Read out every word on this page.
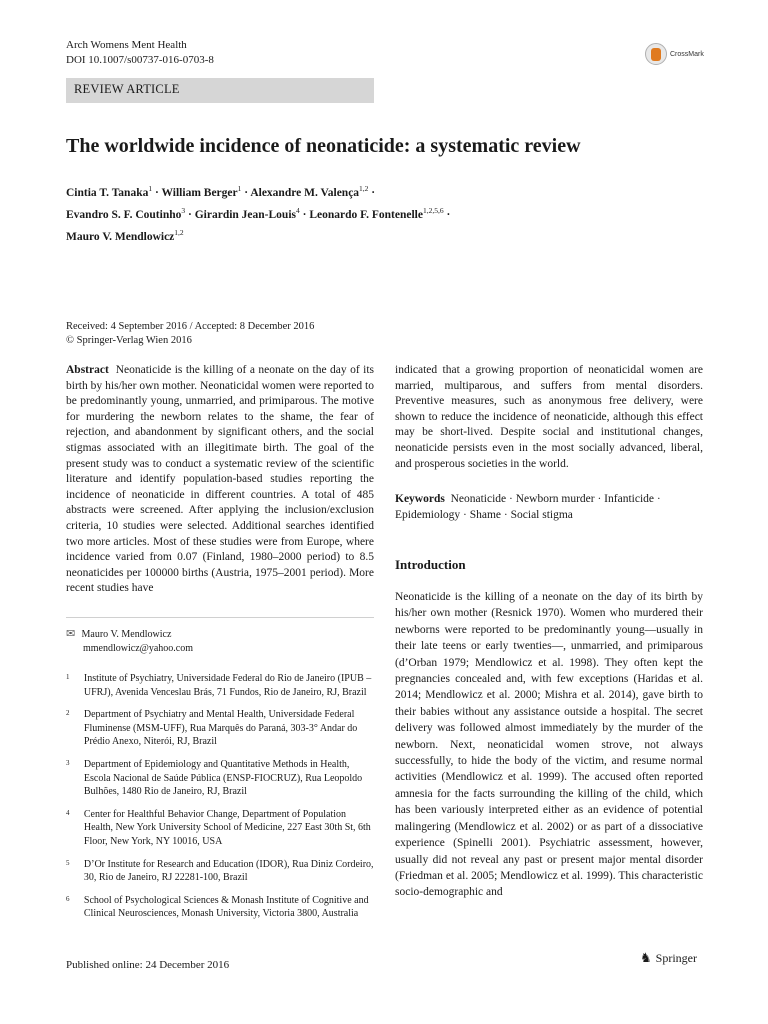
Arch Womens Ment Health
DOI 10.1007/s00737-016-0703-8	CrossMark
REVIEW ARTICLE
The worldwide incidence of neonaticide: a systematic review
Cintia T. Tanaka$^1$ · William Berger$^1$ · Alexandre M. Valença$^{1,2}$ ·
Evandro S. F. Coutinho$^3$ · Girardin Jean-Louis$^4$ · Leonardo F. Fontenelle$^{1,2,5,6}$ ·
Mauro V. Mendlowicz$^{1,2}$
Received: 4 September 2016 / Accepted: 8 December 2016
© Springer-Verlag Wien 2016
Abstract Neonaticide is the killing of a neonate on the day of its birth by his/her own mother. Neonaticidal women were reported to be predominantly young, unmarried, and primiparous. The motive for murdering the newborn relates to the shame, the fear of rejection, and abandonment by significant others, and the social stigmas associated with an illegitimate birth. The goal of the present study was to conduct a systematic review of the scientific literature and identify population-based studies reporting the incidence of neonaticide in different countries. A total of 485 abstracts were screened. After applying the inclusion/exclusion criteria, 10 studies were selected. Additional searches identified two more articles. Most of these studies were from Europe, where incidence varied from 0.07 (Finland, 1980–2000 period) to 8.5 neonaticides per 100000 births (Austria, 1975–2001 period). More recent studies have
indicated that a growing proportion of neonaticidal women are married, multiparous, and suffers from mental disorders. Preventive measures, such as anonymous free delivery, were shown to reduce the incidence of neonaticide, although this effect may be short-lived. Despite social and institutional changes, neonaticide persists even in the most socially advanced, liberal, and prosperous societies in the world.
Keywords Neonaticide · Newborn murder · Infanticide · Epidemiology · Shame · Social stigma
Introduction
Neonaticide is the killing of a neonate on the day of its birth by his/her own mother (Resnick 1970). Women who murdered their newborns were reported to be predominantly young—usually in their late teens or early twenties—, unmarried, and primiparous (d’Orban 1979; Mendlowicz et al. 1998). They often kept the pregnancies concealed and, with few exceptions (Haridas et al. 2014; Mendlowicz et al. 2000; Mishra et al. 2014), gave birth to their babies without any assistance outside a hospital. The secret delivery was followed almost immediately by the murder of the newborn. Next, neonaticidal women strove, not always successfully, to hide the body of the victim, and resume normal activities (Mendlowicz et al. 1999). The accused often reported amnesia for the facts surrounding the killing of the child, which has been variously interpreted either as an evidence of potential malingering (Mendlowicz et al. 2002) or as part of a dissociative experience (Spinelli 2001). Psychiatric assessment, however, usually did not reveal any past or present major mental disorder (Friedman et al. 2005; Mendlowicz et al. 1999). This characteristic socio-demographic and
✉ Mauro V. Mendlowicz
mmendlowicz@yahoo.com
1	Institute of Psychiatry, Universidade Federal do Rio de Janeiro (IPUB – UFRJ), Avenida Venceslau Brás, 71 Fundos, Rio de Janeiro, RJ, Brazil
2	Department of Psychiatry and Mental Health, Universidade Federal Fluminense (MSM-UFF), Rua Marquês do Paraná, 303-3° Andar do Prédio Anexo, Niterói, RJ, Brazil
3	Department of Epidemiology and Quantitative Methods in Health, Escola Nacional de Saúde Pública (ENSP-FIOCRUZ), Rua Leopoldo Bulhões, 1480 Rio de Janeiro, RJ, Brazil
4	Center for Healthful Behavior Change, Department of Population Health, New York University School of Medicine, 227 East 30th St, 6th Floor, New York, NY 10016, USA
5	D’Or Institute for Research and Education (IDOR), Rua Diniz Cordeiro, 30, Rio de Janeiro, RJ 22281-100, Brazil
6	School of Psychological Sciences & Monash Institute of Cognitive and Clinical Neurosciences, Monash University, Victoria 3800, Australia
Published online: 24 December 2016	♞ Springer
